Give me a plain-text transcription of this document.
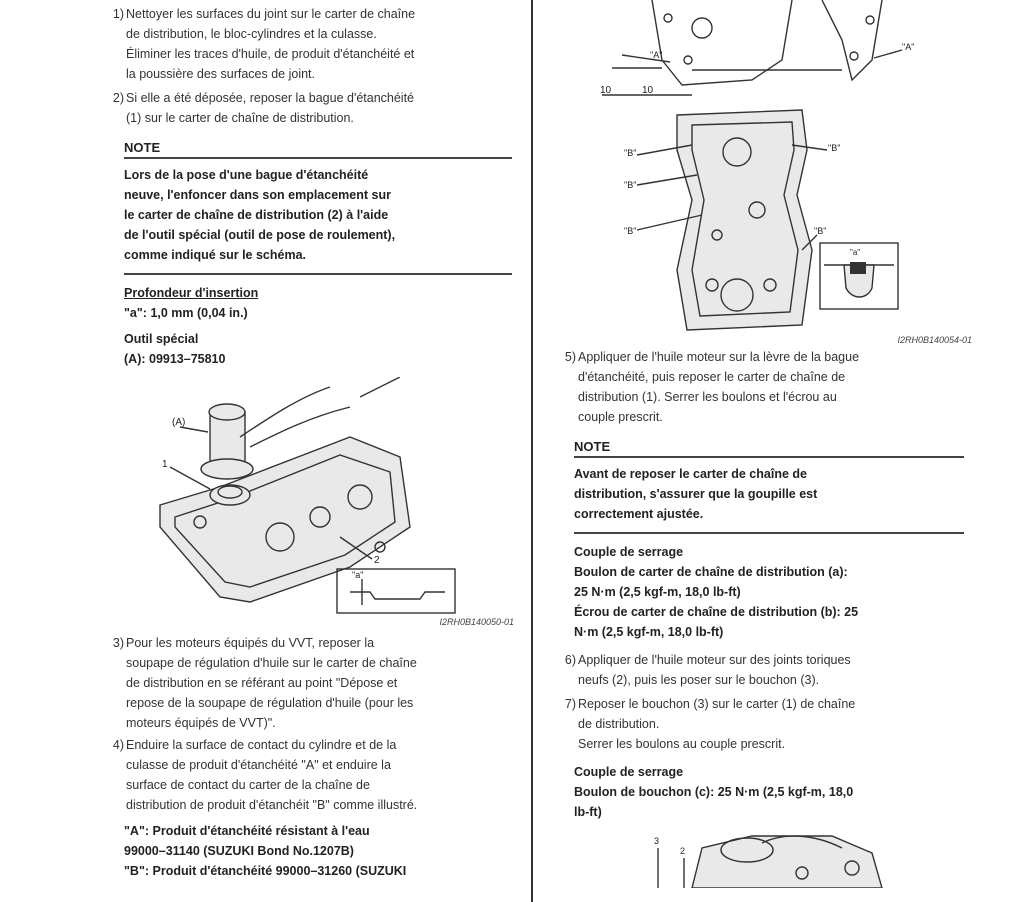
1) Nettoyer les surfaces du joint sur le carter de chaîne
de distribution, le bloc-cylindres et la culasse.
Éliminer les traces d'huile, de produit d'étanchéité et
la poussière des surfaces de joint.
2) Si elle a été déposée, reposer la bague d'étanchéité
(1) sur le carter de chaîne de distribution.
NOTE
Lors de la pose d'une bague d'étanchéité
neuve, l'enfoncer dans son emplacement sur
le carter de chaîne de distribution (2) à l'aide
de l'outil spécial (outil de pose de roulement),
comme indiqué sur le schéma.
Profondeur d'insertion
"a": 1,0 mm (0,04 in.)
Outil spécial
(A): 09913–75810
(A)
1
2
"a"
I2RH0B140050-01
3) Pour les moteurs équipés du VVT, reposer la
soupape de régulation d'huile sur le carter de chaîne
de distribution en se référant au point "Dépose et
repose de la soupape de régulation d'huile (pour les
moteurs équipés de VVT)".
4) Enduire la surface de contact du cylindre et de la
culasse de produit d'étanchéité "A" et enduire la
surface de contact du carter de la chaîne de
distribution de produit d'étanchéit "B" comme illustré.
"A": Produit d'étanchéité résistant à l'eau
99000–31140 (SUZUKI Bond No.1207B)
"B": Produit d'étanchéité 99000–31260 (SUZUKI
"A"
"A"
10	10
"B"
"B"
"B"
"B"
"B"
"a"
I2RH0B140054-01
5) Appliquer de l'huile moteur sur la lèvre de la bague
d'étanchéité, puis reposer le carter de chaîne de
distribution (1). Serrer les boulons et l'écrou au
couple prescrit.
NOTE
Avant de reposer le carter de chaîne de
distribution, s'assurer que la goupille est
correctement ajustée.
Couple de serrage
Boulon de carter de chaîne de distribution (a):
25 N·m (2,5 kgf-m, 18,0 lb-ft)
Écrou de carter de chaîne de distribution (b): 25
N·m (2,5 kgf-m, 18,0 lb-ft)
6) Appliquer de l'huile moteur sur des joints toriques
neufs (2), puis les poser sur le bouchon (3).
7) Reposer le bouchon (3) sur le carter (1) de chaîne
de distribution.
Serrer les boulons au couple prescrit.
Couple de serrage
Boulon de bouchon (c): 25 N·m (2,5 kgf-m, 18,0
lb-ft)
3
2
